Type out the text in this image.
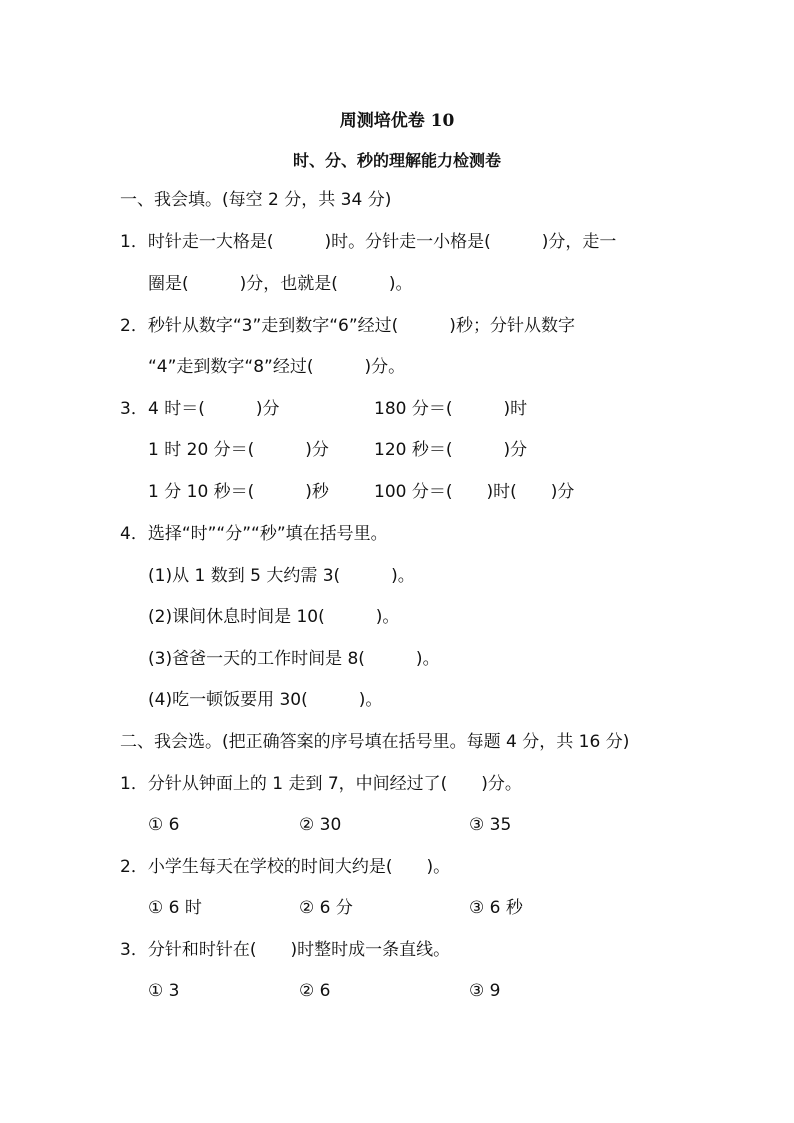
周测培优卷 10
时、分、秒的理解能力检测卷
一、我会填。(每空 2 分，共 34 分)
1．时针走一大格是(　　　)时。分针走一小格是(　　　)分，走一
圈是(　　　)分，也就是(　　　)。
2．秒针从数字“3”走到数字“6”经过(　　　)秒；分针从数字
“4”走到数字“8”经过(　　　)分。
3． 4 时＝(　　　)分	180 分＝(　　　)时
1 时 20 分＝(　　　)分	120 秒＝(　　　)分
1 分 10 秒＝(　　　)秒	100 分＝(　　)时(　　)分
4．选择“时”“分”“秒”填在括号里。
(1)从 1 数到 5 大约需 3(　　　)。
(2)课间休息时间是 10(　　　)。
(3)爸爸一天的工作时间是 8(　　　)。
(4)吃一顿饭要用 30(　　　)。
二、我会选。(把正确答案的序号填在括号里。每题 4 分，共 16 分)
1．分针从钟面上的 1 走到 7，中间经过了(　　)分。
① 6	② 30	③ 35
2．小学生每天在学校的时间大约是(　　)。
① 6 时	② 6 分	③ 6 秒
3．分针和时针在(　　)时整时成一条直线。
① 3	② 6	③ 9
